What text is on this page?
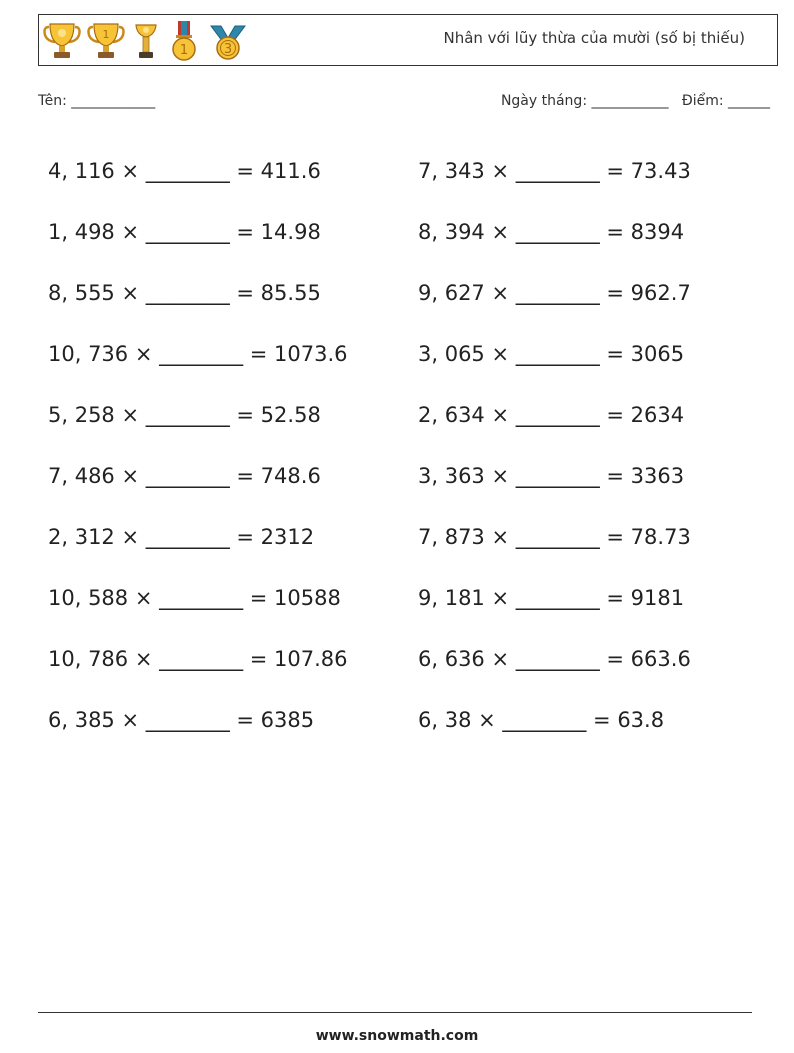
1
1	3
Nhân với lũy thừa của mười (số bị thiếu)
Tên: ____________	Ngày tháng: ___________ Điểm: ______
4, 116 × ________ = 411.6	7, 343 × ________ = 73.43
1, 498 × ________ = 14.98	8, 394 × ________ = 8394
8, 555 × ________ = 85.55	9, 627 × ________ = 962.7
10, 736 × ________ = 1073.6	3, 065 × ________ = 3065
5, 258 × ________ = 52.58	2, 634 × ________ = 2634
7, 486 × ________ = 748.6	3, 363 × ________ = 3363
2, 312 × ________ = 2312	7, 873 × ________ = 78.73
10, 588 × ________ = 10588	9, 181 × ________ = 9181
10, 786 × ________ = 107.86	6, 636 × ________ = 663.6
6, 385 × ________ = 6385	6, 38 × ________ = 63.8
www.snowmath.com
